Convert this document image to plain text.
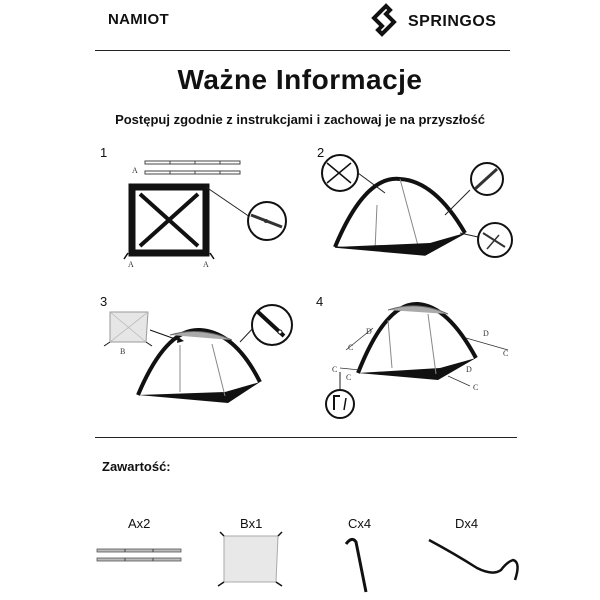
NAMIOT	SPRINGOS
Ważne Informacje
Postępuj zgodnie z instrukcjami i zachowaj je na przyszłość
1
A
A	A
2
3
B
4
D
C
C
C
D
C
D
C
Zawartość:
Ax2	Bx1	Cx4	Dx4
